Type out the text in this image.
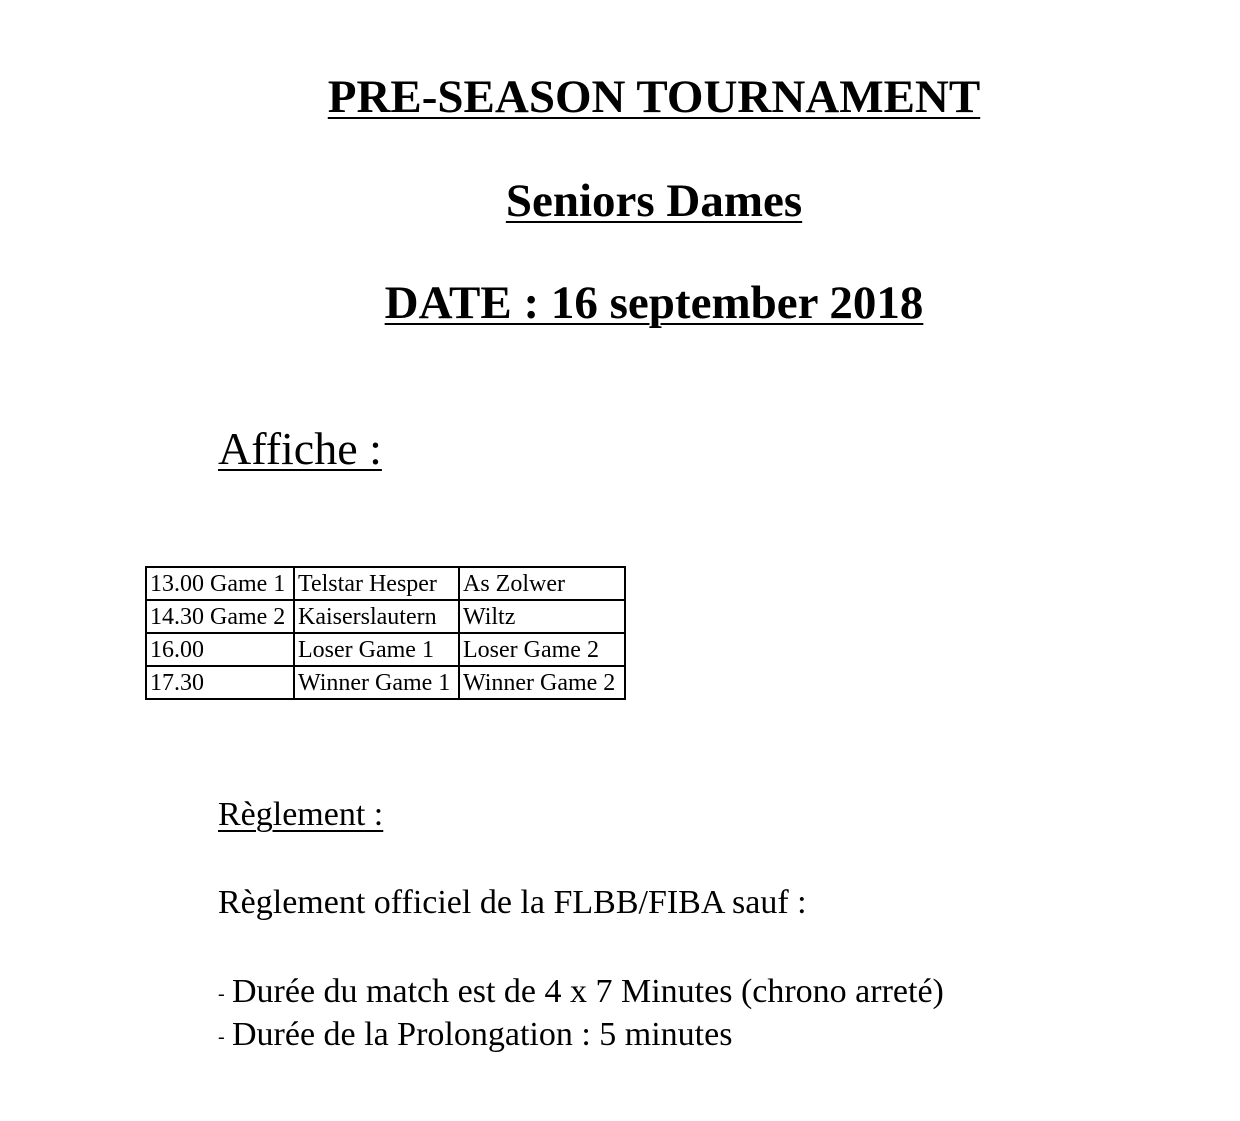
PRE-SEASON TOURNAMENT
Seniors Dames
DATE : 16 september 2018
Affiche :
13.00 Game 1	Telstar Hesper	As Zolwer
14.30 Game 2	Kaiserslautern	Wiltz
16.00	Loser Game 1	Loser Game 2
17.30	Winner Game 1	Winner Game 2
Règlement :

Règlement officiel de la FLBB/FIBA sauf :

- Durée du match est de 4 x 7 Minutes (chrono arreté)

- Durée de la Prolongation : 5 minutes
